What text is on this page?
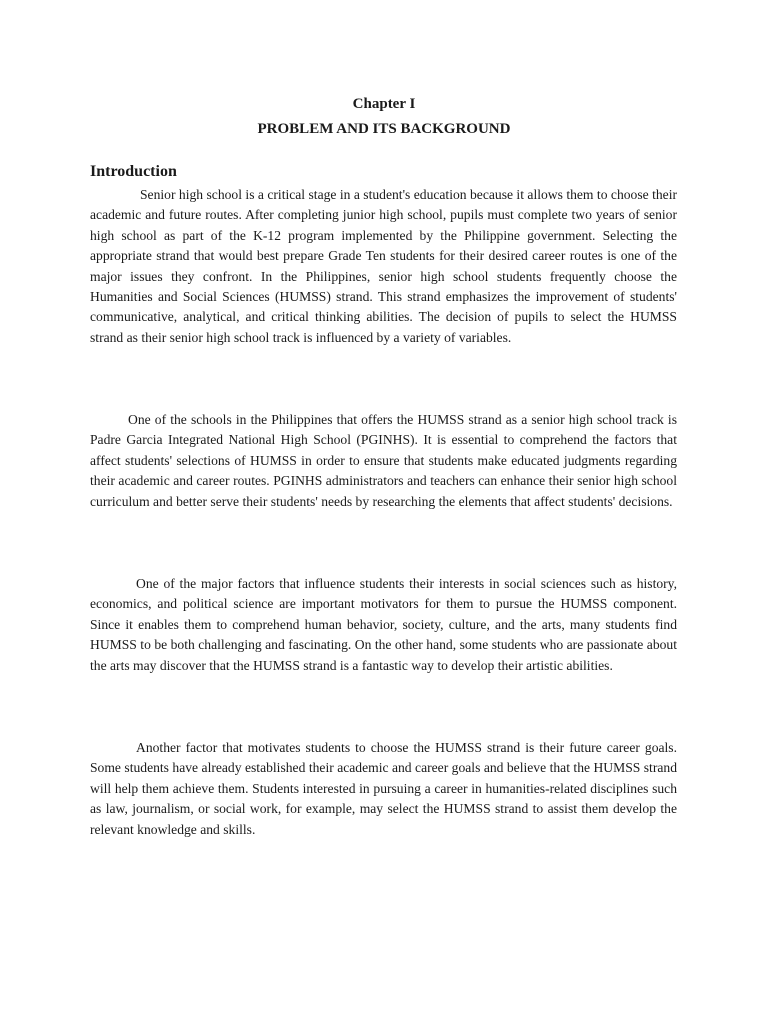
Chapter I
PROBLEM AND ITS BACKGROUND
Introduction

Senior high school is a critical stage in a student's education because it allows them to choose their academic and future routes. After completing junior high school, pupils must complete two years of senior high school as part of the K-12 program implemented by the Philippine government. Selecting the appropriate strand that would best prepare Grade Ten students for their desired career routes is one of the major issues they confront. In the Philippines, senior high school students frequently choose the Humanities and Social Sciences (HUMSS) strand. This strand emphasizes the improvement of students' communicative, analytical, and critical thinking abilities. The decision of pupils to select the HUMSS strand as their senior high school track is influenced by a variety of variables.

One of the schools in the Philippines that offers the HUMSS strand as a senior high school track is Padre Garcia Integrated National High School (PGINHS). It is essential to comprehend the factors that affect students' selections of HUMSS in order to ensure that students make educated judgments regarding their academic and career routes. PGINHS administrators and teachers can enhance their senior high school curriculum and better serve their students' needs by researching the elements that affect students' decisions.

One of the major factors that influence students their interests in social sciences such as history, economics, and political science are important motivators for them to pursue the HUMSS component. Since it enables them to comprehend human behavior, society, culture, and the arts, many students find HUMSS to be both challenging and fascinating. On the other hand, some students who are passionate about the arts may discover that the HUMSS strand is a fantastic way to develop their artistic abilities.

Another factor that motivates students to choose the HUMSS strand is their future career goals. Some students have already established their academic and career goals and believe that the HUMSS strand will help them achieve them. Students interested in pursuing a career in humanities-related disciplines such as law, journalism, or social work, for example, may select the HUMSS strand to assist them develop the relevant knowledge and skills.
